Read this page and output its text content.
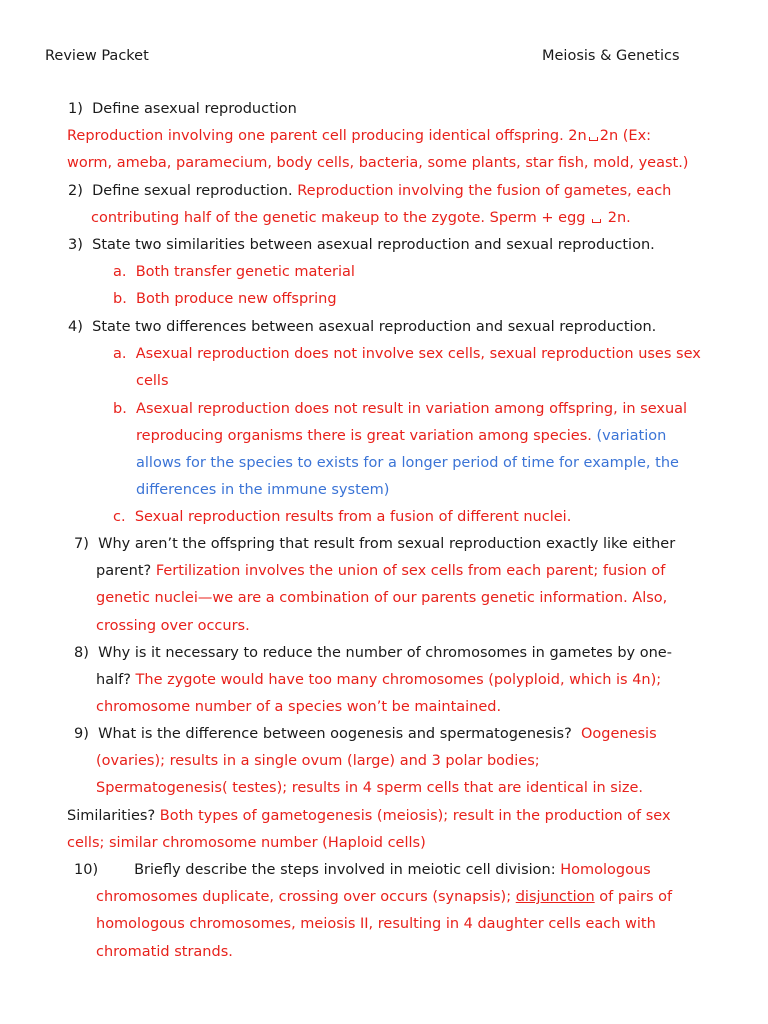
Review Packet	Meiosis & Genetics
1) Define asexual reproduction
Reproduction involving one parent cell producing identical offspring. 2n 2n (Ex:
worm, ameba, paramecium, body cells, bacteria, some plants, star fish, mold, yeast.)
2) Define sexual reproduction. Reproduction involving the fusion of gametes, each
contributing half of the genetic makeup to the zygote. Sperm + egg 2n.
3) State two similarities between asexual reproduction and sexual reproduction.
a. Both transfer genetic material
b. Both produce new offspring
4) State two differences between asexual reproduction and sexual reproduction.
a. Asexual reproduction does not involve sex cells, sexual reproduction uses sex
cells
b. Asexual reproduction does not result in variation among offspring, in sexual
reproducing organisms there is great variation among species. (variation
allows for the species to exists for a longer period of time for example, the
differences in the immune system)
c. Sexual reproduction results from a fusion of different nuclei.
7) Why aren’t the offspring that result from sexual reproduction exactly like either
parent? Fertilization involves the union of sex cells from each parent; fusion of
genetic nuclei—we are a combination of our parents genetic information. Also,
crossing over occurs.
8) Why is it necessary to reduce the number of chromosomes in gametes by one-
half? The zygote would have too many chromosomes (polyploid, which is 4n);
chromosome number of a species won’t be maintained.
9) What is the difference between oogenesis and spermatogenesis? Oogenesis
(ovaries); results in a single ovum (large) and 3 polar bodies;
Spermatogenesis( testes); results in 4 sperm cells that are identical in size.
Similarities? Both types of gametogenesis (meiosis); result in the production of sex
cells; similar chromosome number (Haploid cells)
10) Briefly describe the steps involved in meiotic cell division: Homologous
chromosomes duplicate, crossing over occurs (synapsis); disjunction of pairs of
homologous chromosomes, meiosis II, resulting in 4 daughter cells each with
chromatid strands.
